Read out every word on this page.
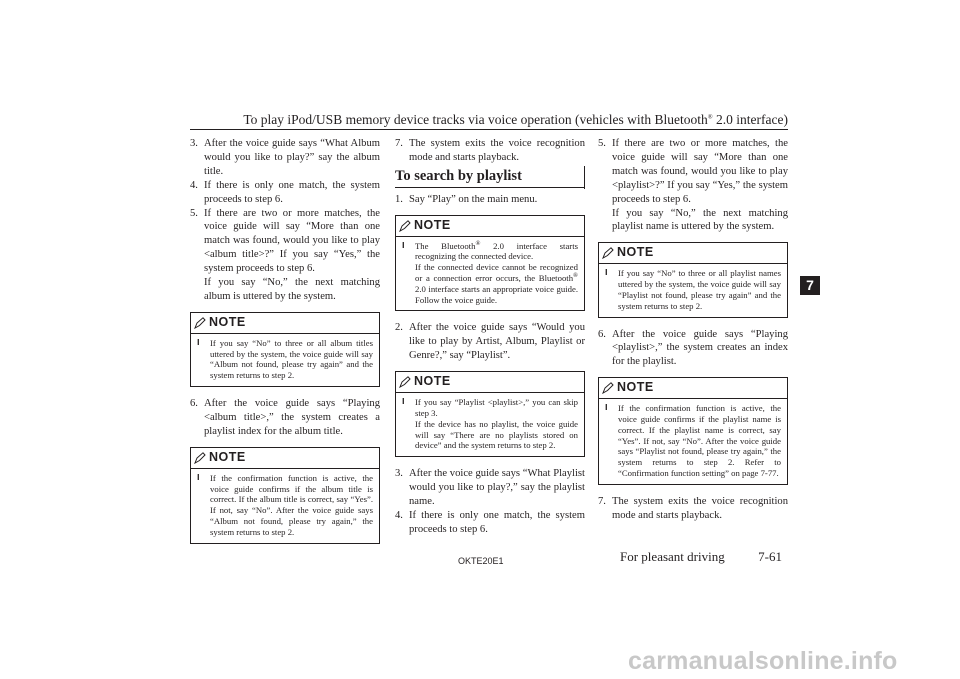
To play iPod/USB memory device tracks via voice operation (vehicles with Bluetooth® 2.0 interface)
7
3. After the voice guide says “What Album would you like to play?” say the album title.
4. If there is only one match, the system proceeds to step 6.
5. If there are two or more matches, the voice guide will say “More than one match was found, would you like to play <album title>?” If you say “Yes,” the system proceeds to step 6.
If you say “No,” the next matching album is uttered by the system.
NOTE
l If you say “No” to three or all album titles uttered by the system, the voice guide will say “Album not found, please try again” and the system returns to step 2.
6. After the voice guide says “Playing <album title>,” the system creates a playlist index for the album title.
NOTE
l If the confirmation function is active, the voice guide confirms if the album title is correct. If the album title is correct, say “Yes”. If not, say “No”. After the voice guide says “Album not found, please try again,” the system returns to step 2.
7. The system exits the voice recognition mode and starts playback.
To search by playlist
1. Say “Play” on the main menu.
NOTE
l The Bluetooth® 2.0 interface starts recognizing the connected device.
If the connected device cannot be recognized or a connection error occurs, the Bluetooth® 2.0 interface starts an appropriate voice guide. Follow the voice guide.
2. After the voice guide says “Would you like to play by Artist, Album, Playlist or Genre?,” say “Playlist”.
NOTE
l If you say “Playlist <playlist>,” you can skip step 3.
If the device has no playlist, the voice guide will say “There are no playlists stored on device” and the system returns to step 2.
3. After the voice guide says “What Playlist would you like to play?,” say the playlist name.
4. If there is only one match, the system proceeds to step 6.
5. If there are two or more matches, the voice guide will say “More than one match was found, would you like to play <playlist>?” If you say “Yes,” the system proceeds to step 6.
If you say “No,” the next matching playlist name is uttered by the system.
NOTE
l If you say “No” to three or all playlist names uttered by the system, the voice guide will say “Playlist not found, please try again” and the system returns to step 2.
6. After the voice guide says “Playing <playlist>,” the system creates an index for the playlist.
NOTE
l If the confirmation function is active, the voice guide confirms if the playlist name is correct. If the playlist name is correct, say “Yes”. If not, say “No”. After the voice guide says “Playlist not found, please try again,” the system returns to step 2. Refer to “Confirmation function setting” on page 7-77.
7. The system exits the voice recognition mode and starts playback.
OKTE20E1	For pleasant driving	7-61
carmanualsonline.info
